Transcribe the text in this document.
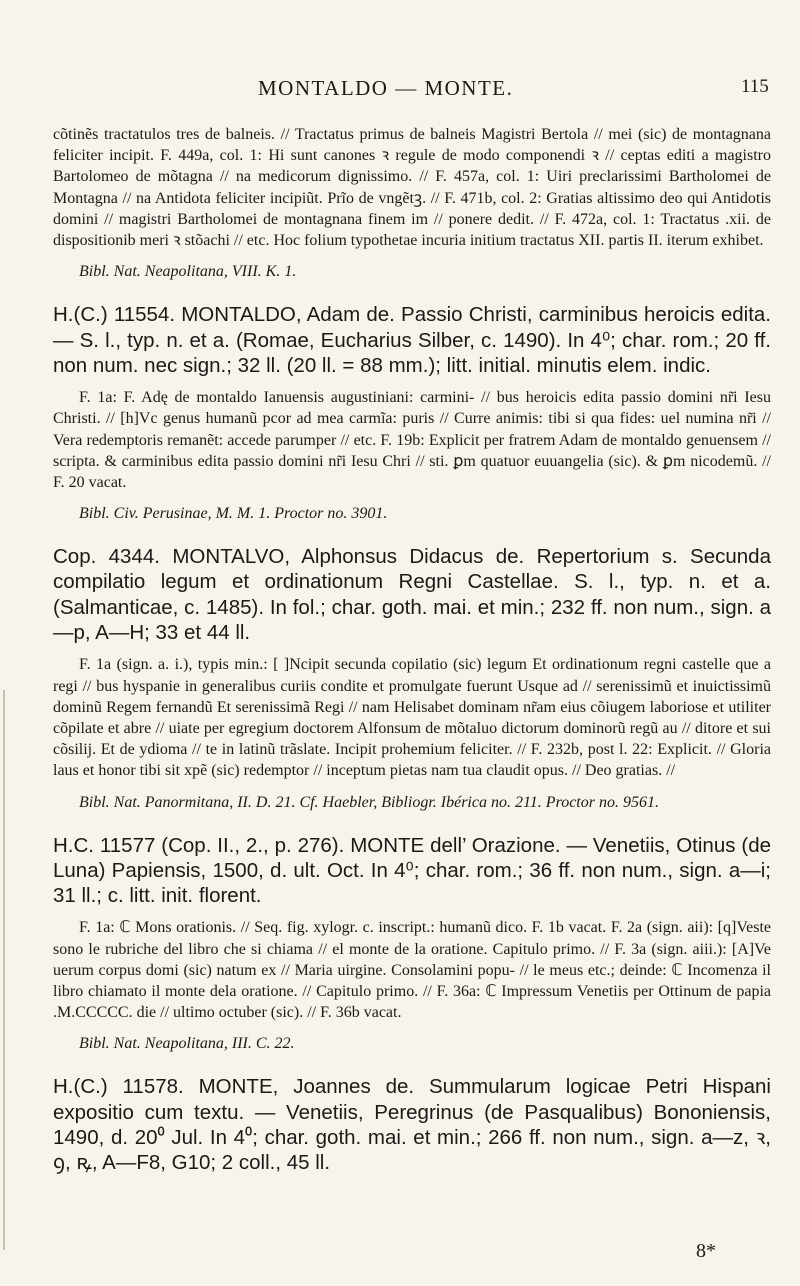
MONTALDO — MONTE.	115

cõtinẽs tractatulos tres de balneis. // Tractatus primus de balneis Magistri Bertola // mei (sic) de montagnana feliciter incipit. F. 449a, col. 1: Hi sunt canones ꝛ regule de modo componendi ꝛ // ceptas editi a magistro Bartolomeo de mõtagna // na medicorum dignissimo. // F. 457a, col. 1: Uiri preclarissimi Bartholomei de Montagna // na Antidota feliciter incipiũt. Prĩo de vngẽtꝫ. // F. 471b, col. 2: Gratias altissimo deo qui Antidotis domini // magistri Bartholomei de montagnana finem im // ponere dedit. // F. 472a, col. 1: Tractatus .xii. de dispositionib meri ꝛ stõachi // etc. Hoc folium typothetae incuria initium tractatus XII. partis II. iterum exhibet.

Bibl. Nat. Neapolitana, VIII. K. 1.

H.(C.) 11554. MONTALDO, Adam de. Passio Christi, carminibus heroicis edita. — S. l., typ. n. et a. (Romae, Eucharius Silber, c. 1490). In 4⁰; char. rom.; 20 ff. non num. nec sign.; 32 ll. (20 ll. = 88 mm.); litt. initial. minutis elem. indic.

F. 1a: F. Adę de montaldo Ianuensis augustiniani: carmini- // bus heroicis edita passio domini nr̃i Iesu Christi. // [h]Vc genus humanũ pcor ad mea carmĩa: puris // Curre animis: tibi si qua fides: uel numina nr̃i // Vera redemptoris remanẽt: accede parumper // etc. F. 19b: Explicit per fratrem Adam de montaldo genuensem // scripta. & carminibus edita passio domini nr̃i Iesu Chri // sti. ꝑm quatuor euuangelia (sic). & ꝑm nicodemũ. // F. 20 vacat.

Bibl. Civ. Perusinae, M. M. 1. Proctor no. 3901.

Cop. 4344. MONTALVO, Alphonsus Didacus de. Repertorium s. Secunda compilatio legum et ordinationum Regni Castellae. S. l., typ. n. et a. (Salmanticae, c. 1485). In fol.; char. goth. mai. et min.; 232 ff. non num., sign. a—p, A—H; 33 et 44 ll.

F. 1a (sign. a. i.), typis min.: [ ]Ncipit secunda copilatio (sic) legum Et ordinationum regni castelle que a regi // bus hyspanie in generalibus curiis condite et promulgate fuerunt Usque ad // serenissimũ et inuictissimũ dominũ Regem fernandũ Et serenissimã Regi // nam Helisabet dominam nr̃am eius cõiugem laboriose et utiliter cõpilate et abre // uiate per egregium doctorem Alfonsum de mõtaluo dictorum dominorũ regũ au // ditore et sui cõsilij. Et de ydioma // te in latinũ trãslate. Incipit prohemium feliciter. // F. 232b, post l. 22: Explicit. // Gloria laus et honor tibi sit xpẽ (sic) redemptor // inceptum pietas nam tua claudit opus. // Deo gratias. //

Bibl. Nat. Panormitana, II. D. 21. Cf. Haebler, Bibliogr. Ibérica no. 211. Proctor no. 9561.

H.C. 11577 (Cop. II., 2., p. 276). MONTE dell’ Orazione. — Venetiis, Otinus (de Luna) Papiensis, 1500, d. ult. Oct. In 4⁰; char. rom.; 36 ff. non num., sign. a—i; 31 ll.; c. litt. init. florent.

F. 1a: ℂ Mons orationis. // Seq. fig. xylogr. c. inscript.: humanũ dico. F. 1b vacat. F. 2a (sign. aii): [q]Veste sono le rubriche del libro che si chiama // el monte de la oratione. Capitulo primo. // F. 3a (sign. aiii.): [A]Ve uerum corpus domi (sic) natum ex // Maria uirgine. Consolamini popu- // le meus etc.; deinde: ℂ Incomenza il libro chiamato il monte dela oratione. // Capitulo primo. // F. 36a: ℂ Impressum Venetiis per Ottinum de papia .M.CCCCC. die // ultimo octuber (sic). // F. 36b vacat.

Bibl. Nat. Neapolitana, III. C. 22.

H.(C.) 11578. MONTE, Joannes de. Summularum logicae Petri Hispani expositio cum textu. — Venetiis, Peregrinus (de Pasqualibus) Bononiensis, 1490, d. 20⁰ Jul. In 4⁰; char. goth. mai. et min.; 266 ff. non num., sign. a—z, ꝛ, ꝯ, ꝶ, A—F8, G10; 2 coll., 45 ll.

8*
